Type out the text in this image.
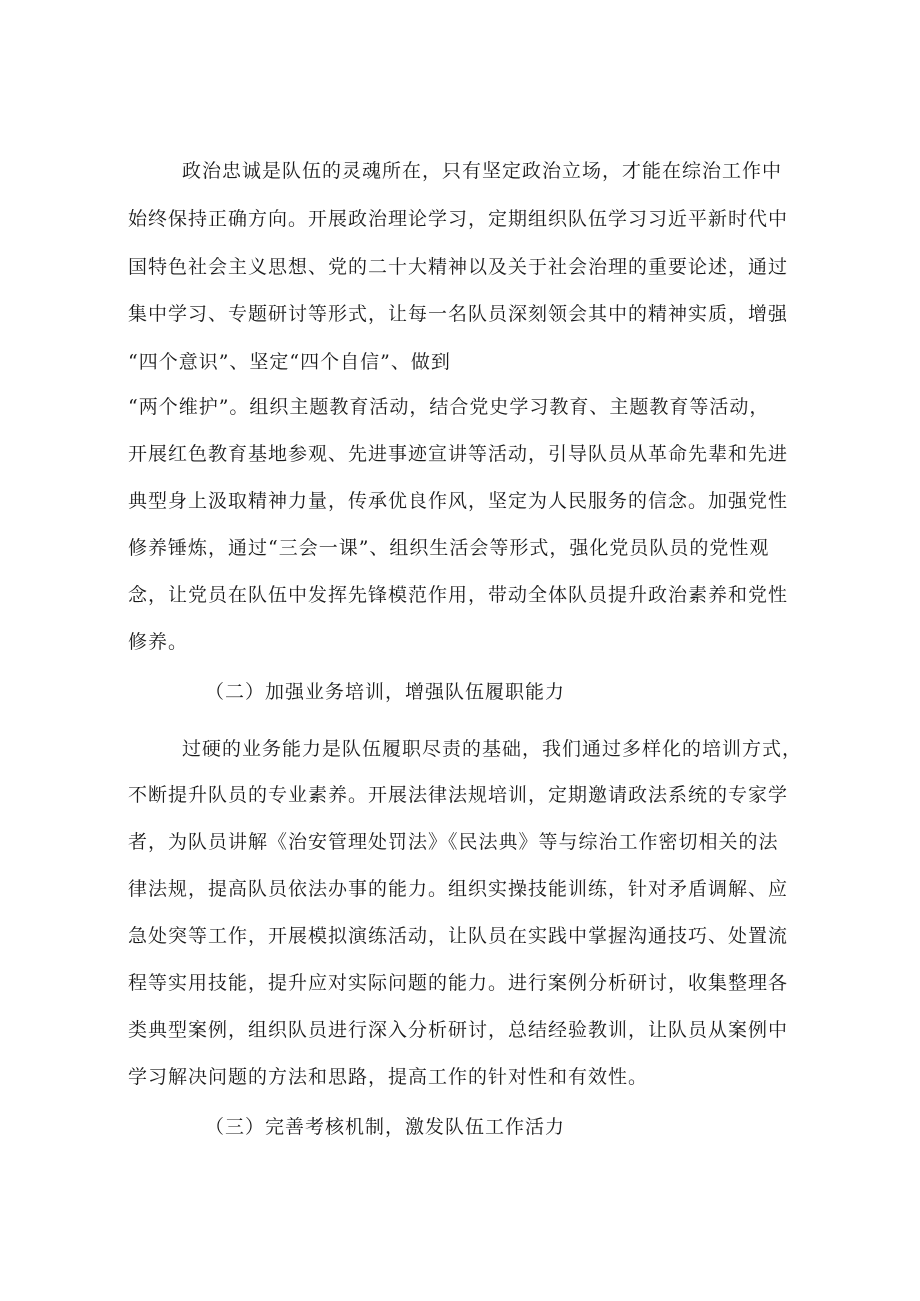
政治忠诚是队伍的灵魂所在，只有坚定政治立场，才能在综治工作中
始终保持正确方向。开展政治理论学习，定期组织队伍学习习近平新时代中
国特色社会主义思想、党的二十大精神以及关于社会治理的重要论述，通过
集中学习、专题研讨等形式，让每一名队员深刻领会其中的精神实质，增强
“四个意识”、坚定“四个自信”、做到
“两个维护”。组织主题教育活动，结合党史学习教育、主题教育等活动，
开展红色教育基地参观、先进事迹宣讲等活动，引导队员从革命先辈和先进
典型身上汲取精神力量，传承优良作风，坚定为人民服务的信念。加强党性
修养锤炼，通过“三会一课”、组织生活会等形式，强化党员队员的党性观
念，让党员在队伍中发挥先锋模范作用，带动全体队员提升政治素养和党性
修养。
（二）加强业务培训，增强队伍履职能力
过硬的业务能力是队伍履职尽责的基础，我们通过多样化的培训方式，
不断提升队员的专业素养。开展法律法规培训，定期邀请政法系统的专家学
者，为队员讲解《治安管理处罚法》《民法典》等与综治工作密切相关的法
律法规，提高队员依法办事的能力。组织实操技能训练，针对矛盾调解、应
急处突等工作，开展模拟演练活动，让队员在实践中掌握沟通技巧、处置流
程等实用技能，提升应对实际问题的能力。进行案例分析研讨，收集整理各
类典型案例，组织队员进行深入分析研讨，总结经验教训，让队员从案例中
学习解决问题的方法和思路，提高工作的针对性和有效性。
（三）完善考核机制，激发队伍工作活力
